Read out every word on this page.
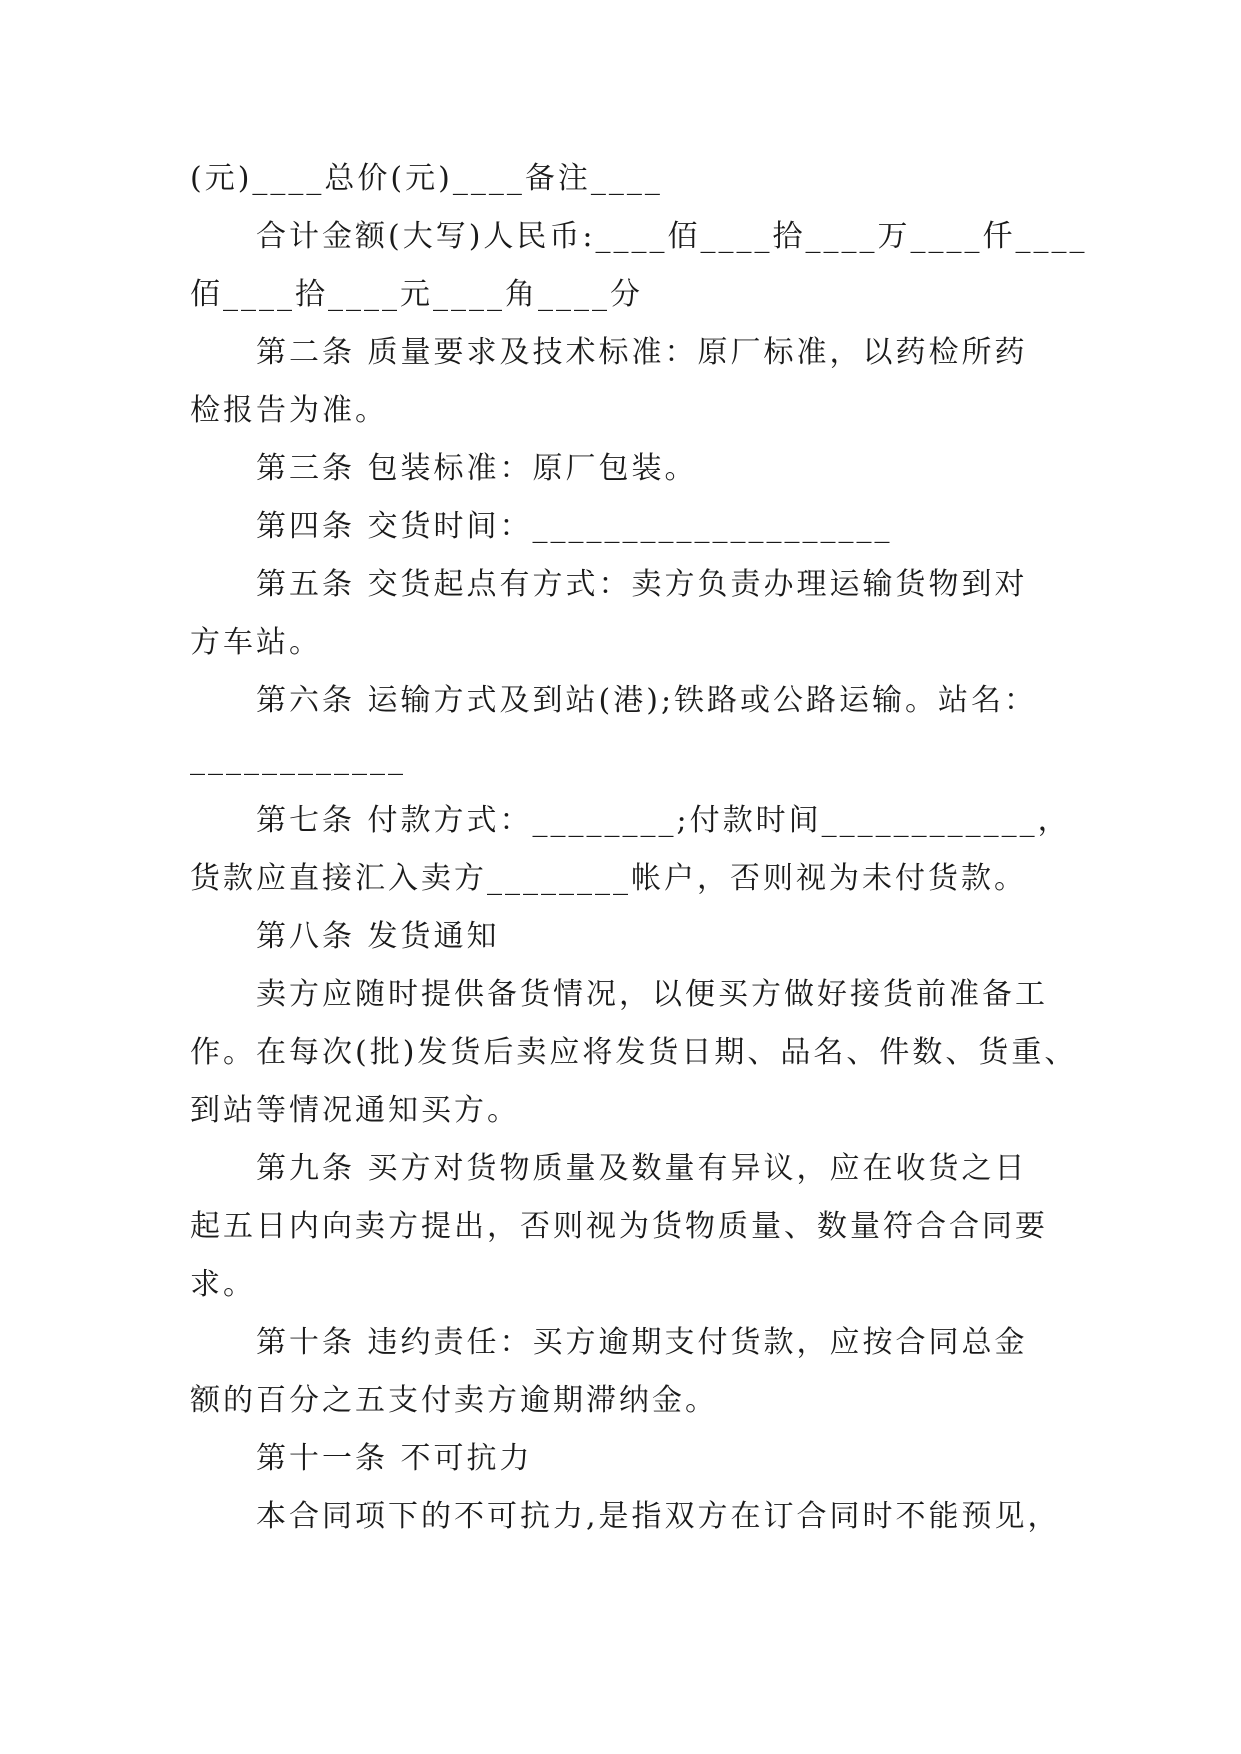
(元)____总价(元)____备注____
合计金额(大写)人民币:____佰____拾____万____仟____
佰____拾____元____角____分
第二条 质量要求及技术标准：原厂标准，以药检所药
检报告为准。
第三条 包装标准：原厂包装。
第四条 交货时间：____________________
第五条 交货起点有方式：卖方负责办理运输货物到对
方车站。
第六条 运输方式及到站(港);铁路或公路运输。站名：
____________
第七条 付款方式：________;付款时间____________，
货款应直接汇入卖方________帐户，否则视为未付货款。
第八条 发货通知
卖方应随时提供备货情况，以便买方做好接货前准备工
作。在每次(批)发货后卖应将发货日期、品名、件数、货重、
到站等情况通知买方。
第九条 买方对货物质量及数量有异议，应在收货之日
起五日内向卖方提出，否则视为货物质量、数量符合合同要
求。
第十条 违约责任：买方逾期支付货款，应按合同总金
额的百分之五支付卖方逾期滞纳金。
第十一条 不可抗力
本合同项下的不可抗力,是指双方在订合同时不能预见，
